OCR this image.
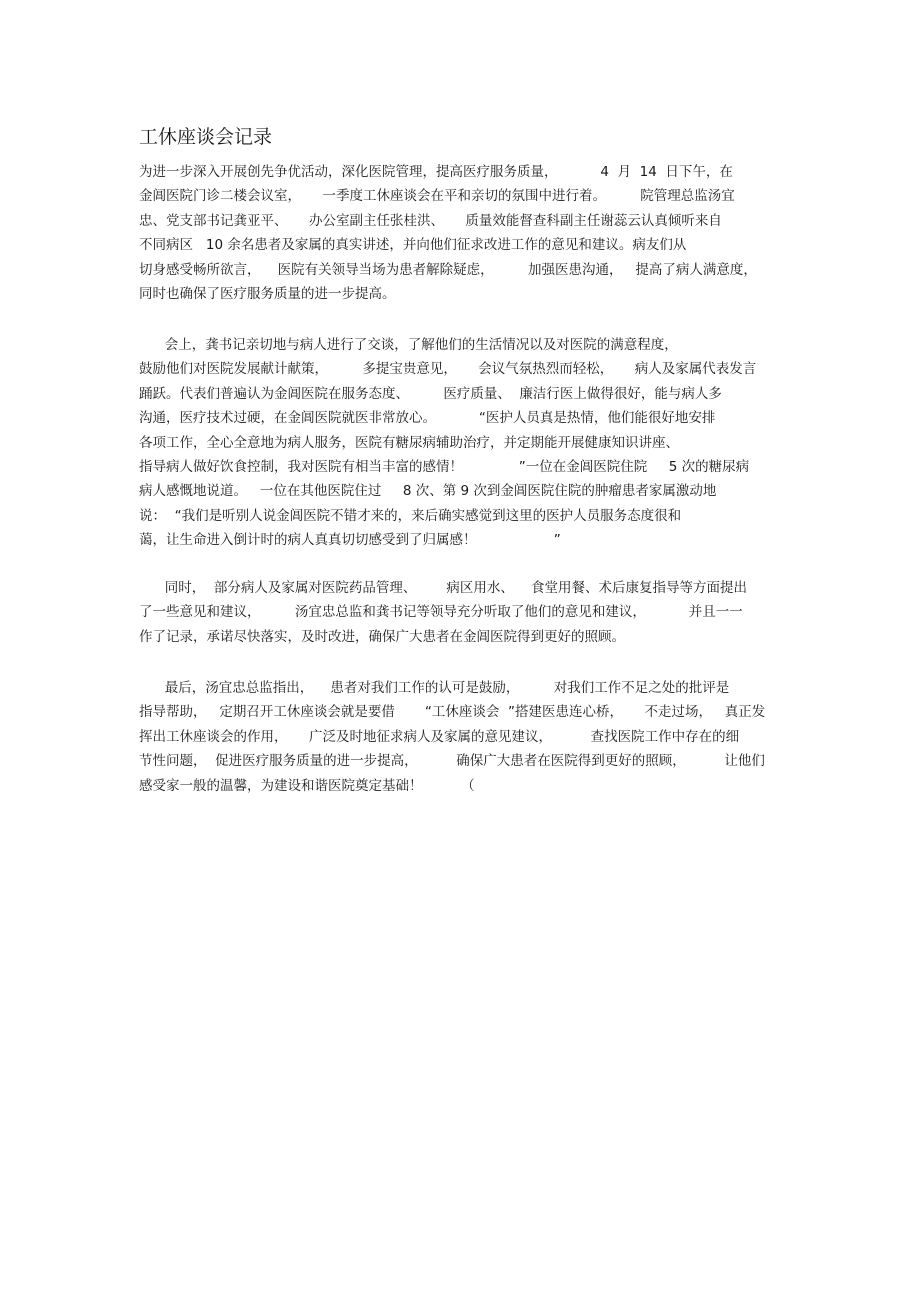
工休座谈会记录
为进一步深入开展创先争优活动，深化医院管理，提高医疗服务质量，          4  月  14  日下午，在
金阊医院门诊二楼会议室，     一季度工休座谈会在平和亲切的氛围中进行着。        院管理总监汤宜
忠、党支部书记龚亚平、     办公室副主任张桂洪、     质量效能督查科副主任谢蕊云认真倾听来自
不同病区   10 余名患者及家属的真实讲述，并向他们征求改进工作的意见和建议。病友们从
切身感受畅所欲言，    医院有关领导当场为患者解除疑虑，        加强医患沟通，   提高了病人满意度，
同时也确保了医疗服务质量的进一步提高。
会上，龚书记亲切地与病人进行了交谈，了解他们的生活情况以及对医院的满意程度，
鼓励他们对医院发展献计献策，        多提宝贵意见，     会议气氛热烈而轻松，     病人及家属代表发言
踊跃。代表们普遍认为金阊医院在服务态度、        医疗质量、  廉洁行医上做得很好，能与病人多
沟通，医疗技术过硬，在金阊医院就医非常放心。          “医护人员真是热情，他们能很好地安排
各项工作，全心全意地为病人服务，医院有糖尿病辅助治疗，并定期能开展健康知识讲座、
指导病人做好饮食控制，我对医院有相当丰富的感情！             ”一位在金阊医院住院     5 次的糖尿病
病人感慨地说道。   一位在其他医院住过     8 次、第 9 次到金阊医院住院的肿瘤患者家属激动地
说：  “我们是听别人说金阊医院不错才来的，来后确实感觉到这里的医护人员服务态度很和
蔼，让生命进入倒计时的病人真真切切感受到了归属感！                  ”
同时，  部分病人及家属对医院药品管理、       病区用水、    食堂用餐、术后康复指导等方面提出
了一些意见和建议，        汤宜忠总监和龚书记等领导充分听取了他们的意见和建议，          并且一一
作了记录，承诺尽快落实，及时改进，确保广大患者在金阊医院得到更好的照顾。
最后，汤宜忠总监指出，    患者对我们工作的认可是鼓励，        对我们工作不足之处的批评是
指导帮助，   定期召开工休座谈会就是要借       “工休座谈会  ”搭建医患连心桥，     不走过场，   真正发
挥出工休座谈会的作用，     广泛及时地征求病人及家属的意见建议，         查找医院工作中存在的细
节性问题，  促进医疗服务质量的进一步提高，         确保广大患者在医院得到更好的照顾，         让他们
感受家一般的温馨，为建设和谐医院奠定基础！         （
